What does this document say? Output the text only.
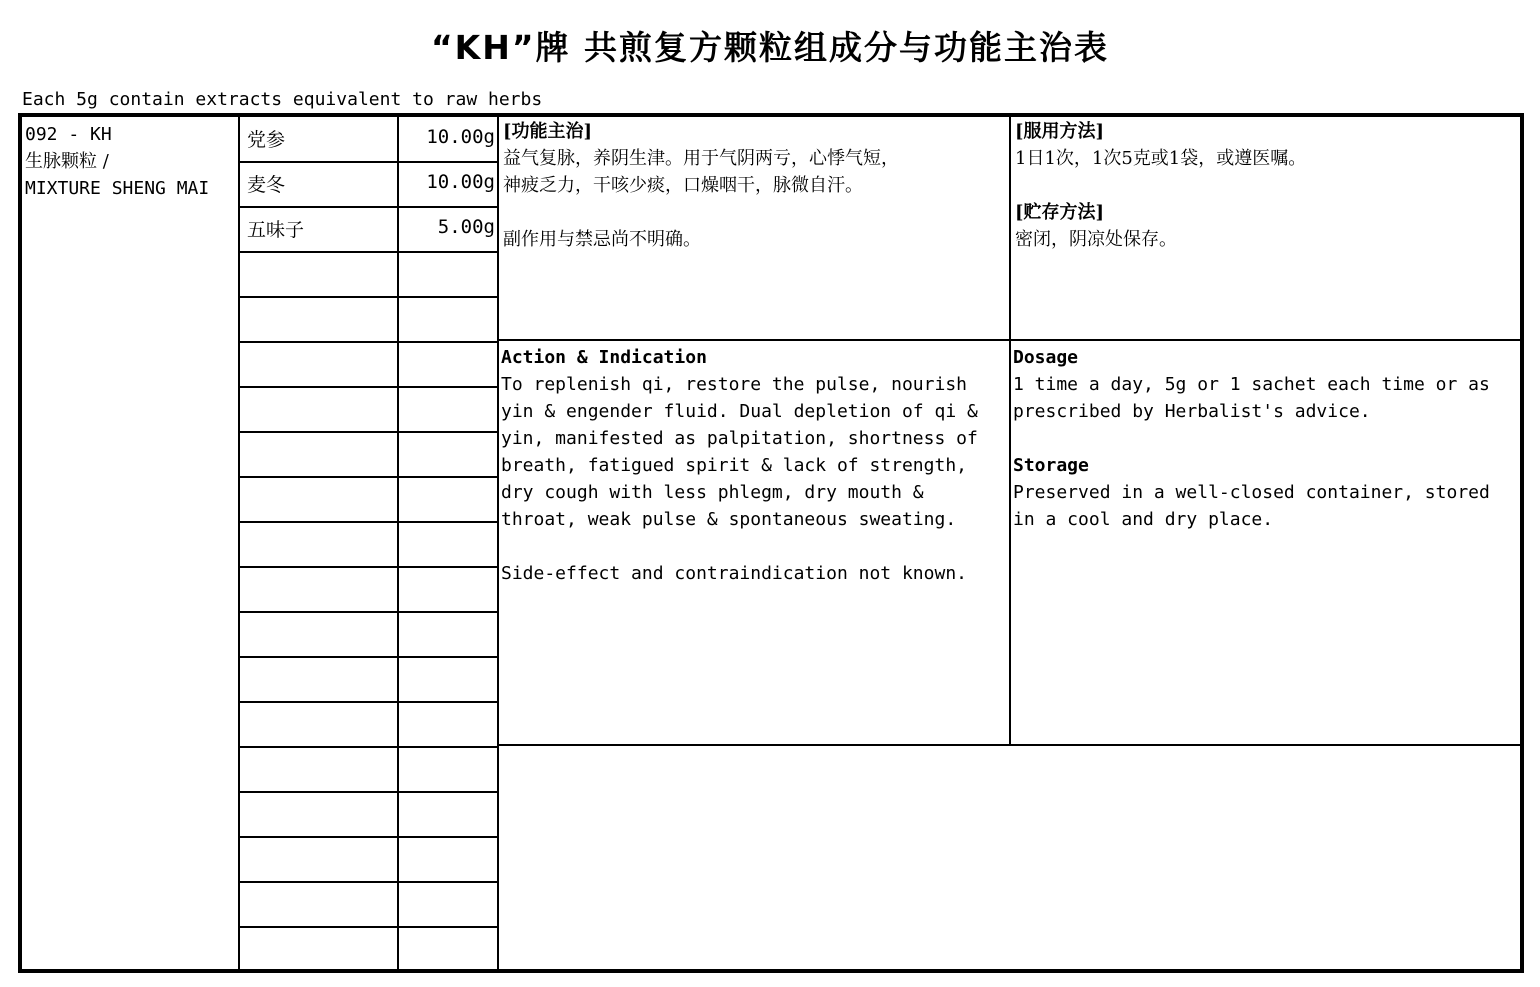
“KH”牌 共煎复方颗粒组成分与功能主治表
Each 5g contain extracts equivalent to raw herbs
092 - KH
生脉颗粒 /
MIXTURE SHENG MAI
党参	10.00g
麦冬	10.00g
五味子	5.00g
[功能主治]

益气复脉，养阴生津。用于气阴两亏，心悸气短，

神疲乏力，干咳少痰，口燥咽干，脉微自汗。

副作用与禁忌尚不明确。

[服用方法]

1日1次，1次5克或1袋，或遵医嘱。

[贮存方法]

密闭，阴凉处保存。

Action & Indication

To replenish qi, restore the pulse, nourish

yin & engender fluid. Dual depletion of qi &

yin, manifested as palpitation, shortness of

breath, fatigued spirit & lack of strength,

dry cough with less phlegm, dry mouth &

throat, weak pulse & spontaneous sweating.

Side-effect and contraindication not known.

Dosage

1 time a day, 5g or 1 sachet each time or as

prescribed by Herbalist's advice.

Storage

Preserved in a well-closed container, stored

in a cool and dry place.
